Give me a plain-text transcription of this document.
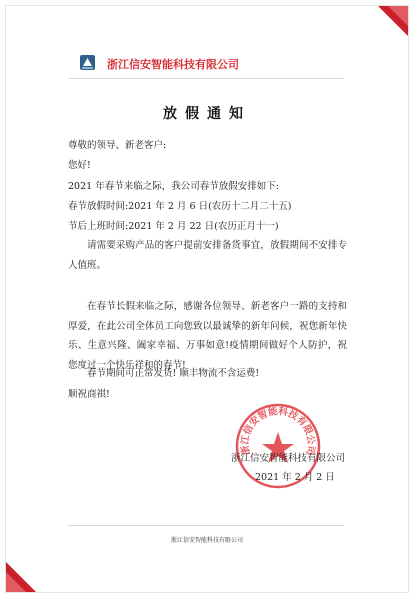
浙江信安智能科技有限公司
放假通知
尊敬的领导、新老客户:
您好!
2021 年春节来临之际，我公司春节放假安排如下:
春节放假时间:2021 年 2 月 6 日(农历十二月二十五)
节后上班时间:2021 年 2 月 22 日(农历正月十一)
请需要采购产品的客户提前安排备货事宜，放假期间不安排专人值班。
在春节长假来临之际，感谢各位领导、新老客户一路的支持和厚爱，在此公司全体员工向您致以最诚挚的新年问候，祝您新年快乐、生意兴隆、阖家幸福、万事如意!疫情期间做好个人防护，祝您度过一个快乐祥和的春节!
春节期间可正常发货! 顺丰物流不含运费!
顺祝商祺!
浙江信安智能科技有限公司
浙江信安智能科技有限公司
2021 年 2 月 2 日
浙江信安智能科技有限公司
